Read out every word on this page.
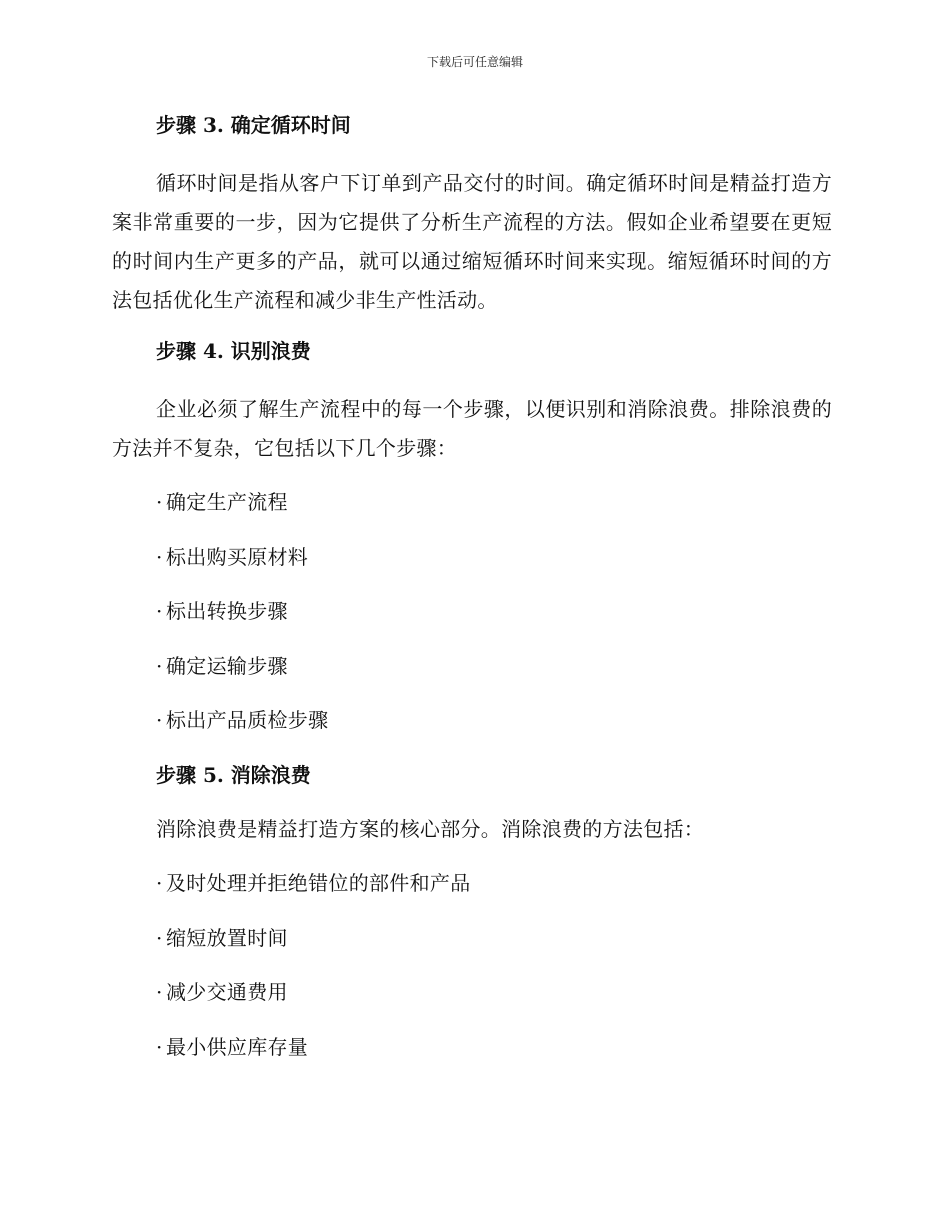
下载后可任意编辑
步骤 3. 确定循环时间

循环时间是指从客户下订单到产品交付的时间。确定循环时间是精益打造方案非常重要的一步，因为它提供了分析生产流程的方法。假如企业希望要在更短的时间内生产更多的产品，就可以通过缩短循环时间来实现。缩短循环时间的方法包括优化生产流程和减少非生产性活动。

步骤 4. 识别浪费

企业必须了解生产流程中的每一个步骤，以便识别和消除浪费。排除浪费的方法并不复杂，它包括以下几个步骤：

· 确定生产流程
· 标出购买原材料
· 标出转换步骤
· 确定运输步骤
· 标出产品质检步骤
步骤 5. 消除浪费
消除浪费是精益打造方案的核心部分。消除浪费的方法包括：
· 及时处理并拒绝错位的部件和产品
· 缩短放置时间
· 减少交通费用
· 最小供应库存量
